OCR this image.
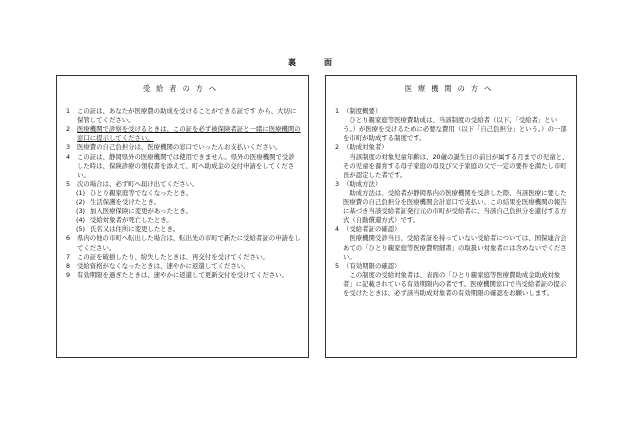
裏　面
受給者の方へ
1	この証は、あなたが医療費の助成を受けることができる証です から、大切に保管してください。
2	医療機関で診察を受けるときは、この証を必ず被保険者証と一緒に医療機関の窓口に提示してください。
3	医療費の自己負担分は、医療機関の窓口でいったんお支払いください。
4	この証は、静岡県外の医療機関では使用できません。県外の医療機関で受診した時は、保険診療の領収書を添えて、町へ助成金の交付申請をしてください。
5	次の場合は、必ず町へ届け出てください。
(1) ひとり親家庭等でなくなったとき。
(2) 生活保護を受けたとき。
(3) 加入医療保険に変更があったとき。
(4) 受給対象者が死亡したとき。
(5) 氏名又は住所に変更したとき。
6	県内の他の市町へ転出した場合は、転出先の市町で新たに受給者証の申請をしてください。
7	この証を破損したり、紛失したときは、再交付を受けてください。
8	受給資格がなくなったときは、速やかに返還してください。
9	有効期限を過ぎたときは、速やかに返還して更新交付を受けてください。
医療機関の方へ
1 （制度概要）
ひとり親家庭等医療費助成は、当該制度の受給者（以下、「受給者」という。）が医療を受けるために必要な費用（以下「自己負担分」という。）の一部を市町が助成する制度です。
2 （助成対象者）
当該制度の対象児童年齢は、20歳の誕生日の前日が属する月までの児童と、その児童を養育する母子家庭の母及び父子家庭の父で一定の要件を満たし市町長が認定した者です。
3 （助成方法）
助成方法は、受給者が静岡県内の医療機関を受診した際、当該医療に要した医療費の自己負担分を医療機関会計窓口で支払い、この結果を医療機関の報告に基づき当該受給者証発行元の市町が受給者に、当該自己負担分を還付する方式（自動償還方式）です。
4 （受給者証の確認）
医療機関受診当日、受給者証を持っていない受給者については、国保連合会あての「ひとり親家庭等医療費明細書」の取扱い対象者には含めないでください。
5 （有効期限の確認）
この制度の受給対象者は、表面の「ひとり親家庭等医療費助成金助成対象者」に記載されている有効期限内の者です。医療機関窓口で当受給者証の提示を受けたときは、必ず該当助成対象者の有効期限の確認をお願いします。
